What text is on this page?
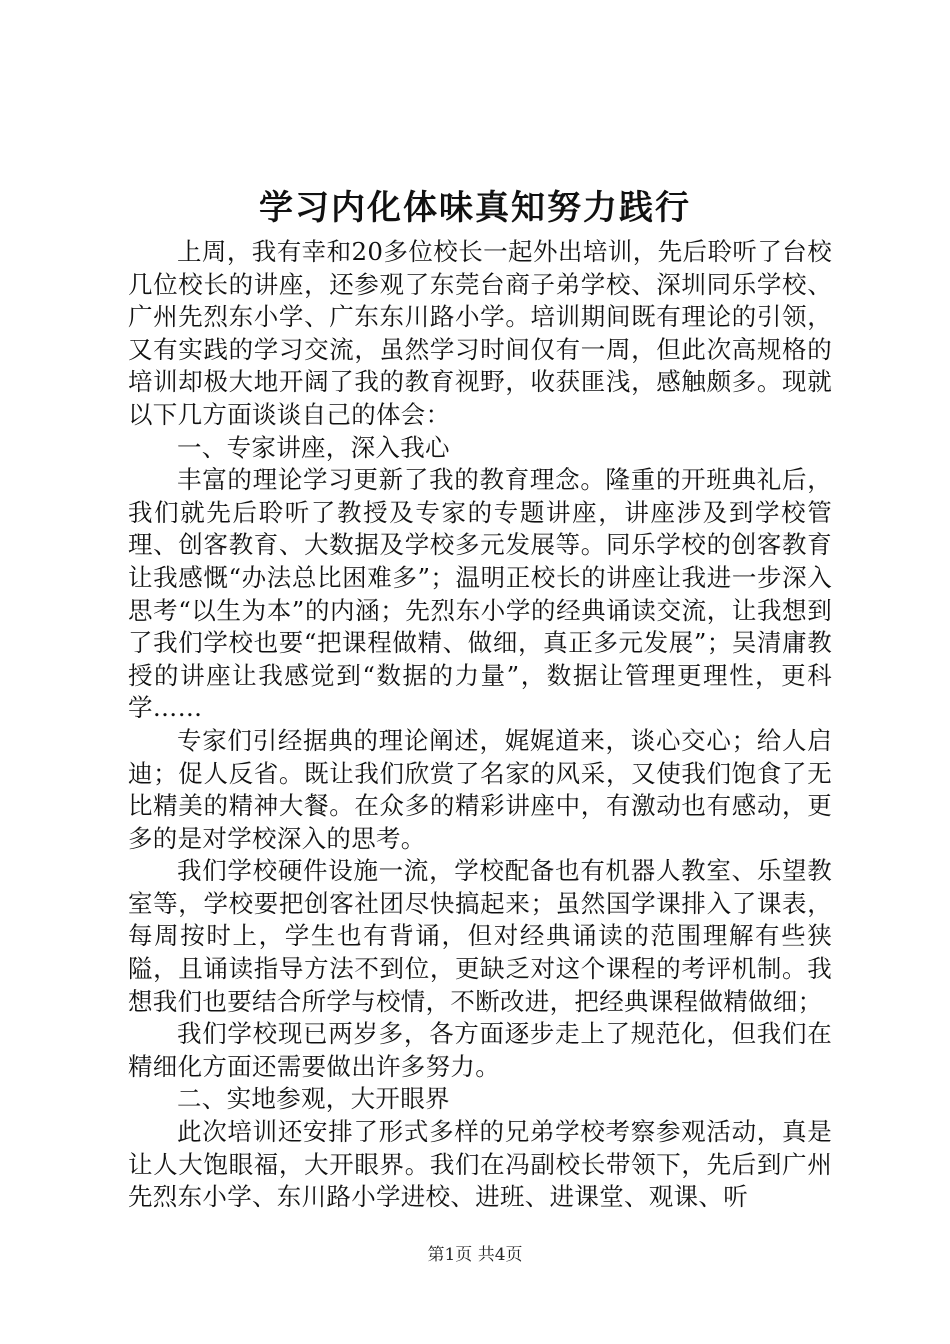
学习内化体味真知努力践行

上周，我有幸和20多位校长一起外出培训，先后聆听了台校几位校长的讲座，还参观了东莞台商子弟学校、深圳同乐学校、广州先烈东小学、广东东川路小学。培训期间既有理论的引领，又有实践的学习交流，虽然学习时间仅有一周，但此次高规格的培训却极大地开阔了我的教育视野，收获匪浅，感触颇多。现就以下几方面谈谈自己的体会：

一、专家讲座，深入我心

丰富的理论学习更新了我的教育理念。隆重的开班典礼后，我们就先后聆听了教授及专家的专题讲座，讲座涉及到学校管理、创客教育、大数据及学校多元发展等。同乐学校的创客教育让我感慨“办法总比困难多”；温明正校长的讲座让我进一步深入思考“以生为本”的内涵；先烈东小学的经典诵读交流，让我想到了我们学校也要“把课程做精、做细，真正多元发展”；吴清庸教授的讲座让我感觉到“数据的力量”，数据让管理更理性，更科学……

专家们引经据典的理论阐述，娓娓道来，谈心交心；给人启迪；促人反省。既让我们欣赏了名家的风采，又使我们饱食了无比精美的精神大餐。在众多的精彩讲座中，有激动也有感动，更多的是对学校深入的思考。

我们学校硬件设施一流，学校配备也有机器人教室、乐望教室等，学校要把创客社团尽快搞起来；虽然国学课排入了课表，每周按时上，学生也有背诵，但对经典诵读的范围理解有些狭隘，且诵读指导方法不到位，更缺乏对这个课程的考评机制。我想我们也要结合所学与校情，不断改进，把经典课程做精做细；

我们学校现已两岁多，各方面逐步走上了规范化，但我们在精细化方面还需要做出许多努力。

二、实地参观，大开眼界

此次培训还安排了形式多样的兄弟学校考察参观活动，真是让人大饱眼福，大开眼界。我们在冯副校长带领下，先后到广州先烈东小学、东川路小学进校、进班、进课堂、观课、听

第1页 共4页
